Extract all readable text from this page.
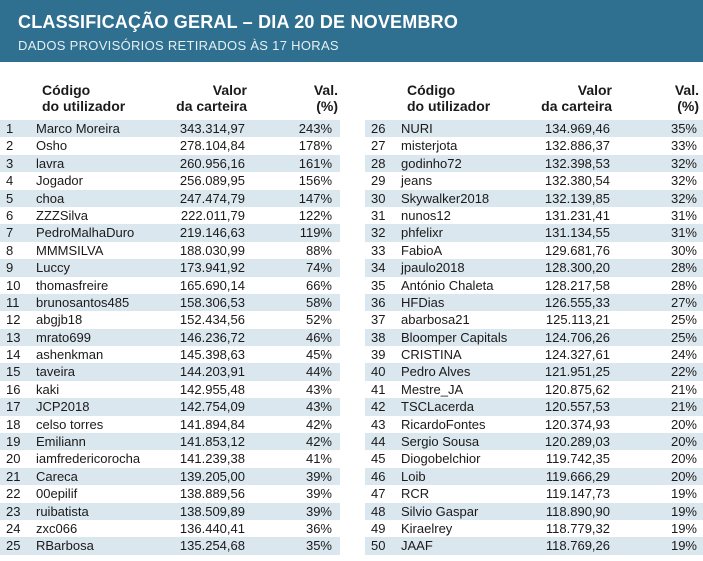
CLASSIFICAÇÃO GERAL – DIA 20 DE NOVEMBRO
DADOS PROVISÓRIOS RETIRADOS ÀS 17 HORAS
Código
do utilizador
Valor
da carteira
Val.
(%)
1 Marco Moreira	343.314,97	243%
2 Osho	278.104,84	178%
3 lavra	260.956,16	161%
4 Jogador	256.089,95	156%
5 choa	247.474,79	147%
6 ZZZSilva	222.011,79	122%
7 PedroMalhaDuro	219.146,63	119%
8 MMMSILVA	188.030,99	88%
9 Luccy	173.941,92	74%
10 thomasfreire	165.690,14	66%
11 brunosantos485	158.306,53	58%
12 abgjb18	152.434,56	52%
13 mrato699	146.236,72	46%
14 ashenkman	145.398,63	45%
15 taveira	144.203,91	44%
16 kaki	142.955,48	43%
17 JCP2018	142.754,09	43%
18 celso torres	141.894,84	42%
19 Emiliann	141.853,12	42%
20 iamfredericorocha	141.239,38	41%
21 Careca	139.205,00	39%
22 00epilif	138.889,56	39%
23 ruibatista	138.509,89	39%
24 zxc066	136.440,41	36%
25 RBarbosa	135.254,68	35%
Código
do utilizador
Valor
da carteira
Val.
(%)
26 NURI	134.969,46	35%
27 misterjota	132.886,37	33%
28 godinho72	132.398,53	32%
29 jeans	132.380,54	32%
30 Skywalker2018	132.139,85	32%
31 nunos12	131.231,41	31%
32 phfelixr	131.134,55	31%
33 FabioA	129.681,76	30%
34 jpaulo2018	128.300,20	28%
35 António Chaleta	128.217,58	28%
36 HFDias	126.555,33	27%
37 abarbosa21	125.113,21	25%
38 Bloomper Capitals	124.706,26	25%
39 CRISTINA	124.327,61	24%
40 Pedro Alves	121.951,25	22%
41 Mestre_JA	120.875,62	21%
42 TSCLacerda	120.557,53	21%
43 RicardoFontes	120.374,93	20%
44 Sergio Sousa	120.289,03	20%
45 Diogobelchior	119.742,35	20%
46 Loib	119.666,29	20%
47 RCR	119.147,73	19%
48 Silvio Gaspar	118.890,90	19%
49 Kiraelrey	118.779,32	19%
50 JAAF	118.769,26	19%
